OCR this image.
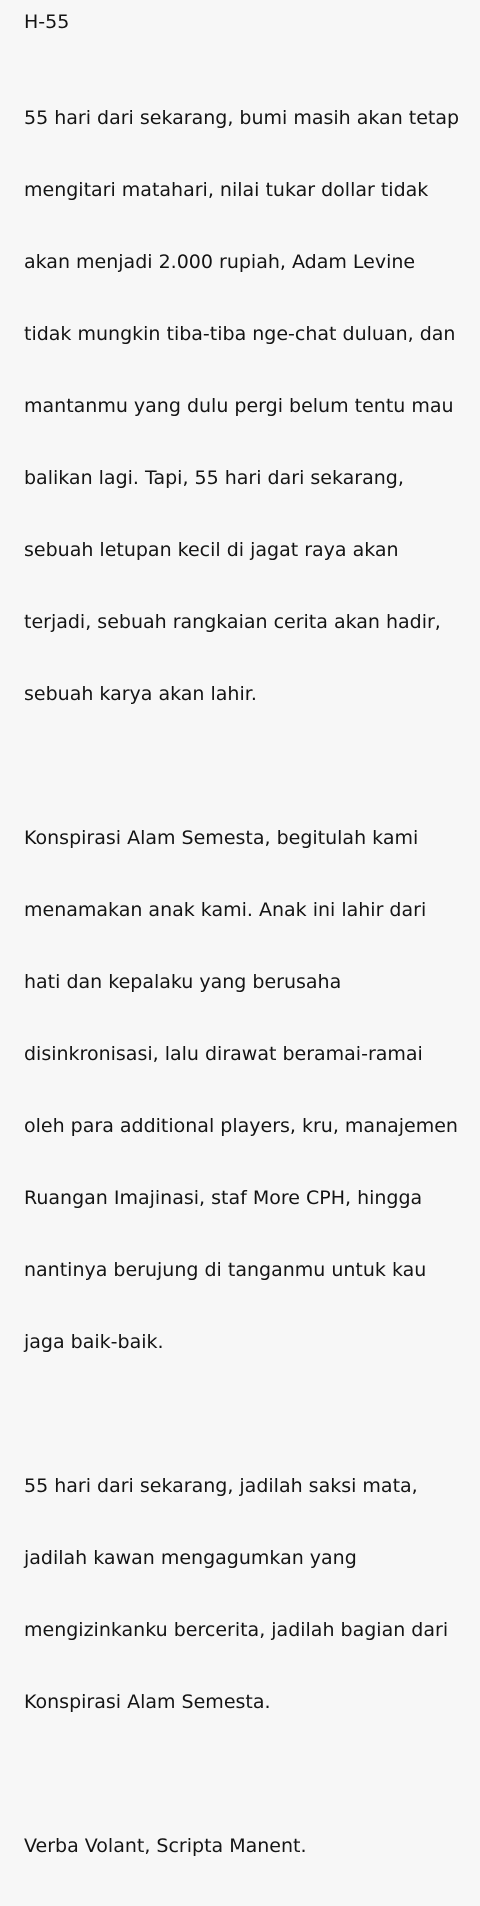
H-55

55 hari dari sekarang, bumi masih akan tetap

mengitari matahari, nilai tukar dollar tidak

akan menjadi 2.000 rupiah, Adam Levine

tidak mungkin tiba-tiba nge-chat duluan, dan

mantanmu yang dulu pergi belum tentu mau

balikan lagi. Tapi, 55 hari dari sekarang,

sebuah letupan kecil di jagat raya akan

terjadi, sebuah rangkaian cerita akan hadir,

sebuah karya akan lahir.

Konspirasi Alam Semesta, begitulah kami

menamakan anak kami. Anak ini lahir dari

hati dan kepalaku yang berusaha

disinkronisasi, lalu dirawat beramai-ramai

oleh para additional players, kru, manajemen

Ruangan Imajinasi, staf More CPH, hingga

nantinya berujung di tanganmu untuk kau

jaga baik-baik.

55 hari dari sekarang, jadilah saksi mata,

jadilah kawan mengagumkan yang

mengizinkanku bercerita, jadilah bagian dari

Konspirasi Alam Semesta.

Verba Volant, Scripta Manent.
